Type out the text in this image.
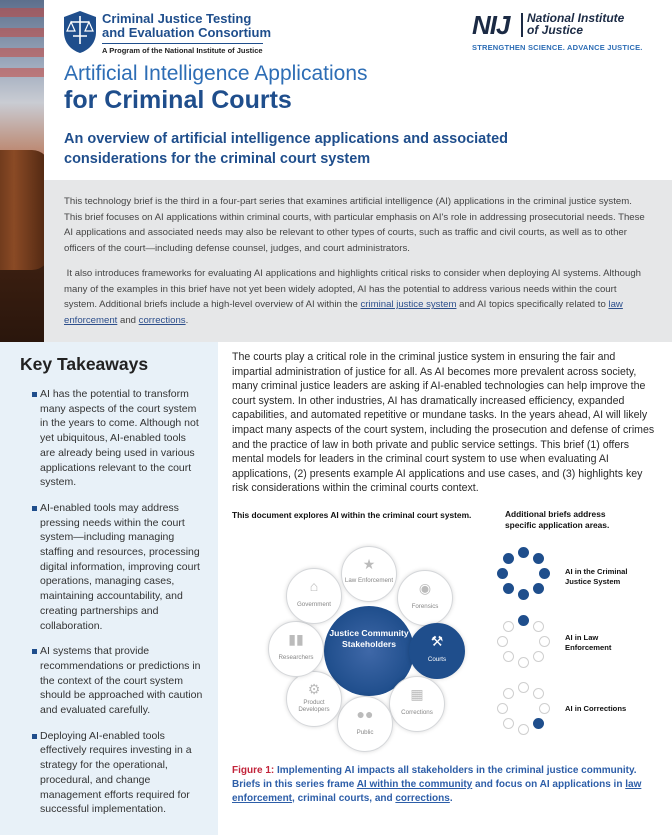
Criminal Justice Testing
and Evaluation Consortium
A Program of the National Institute of Justice
NIJ National Institute
of Justice
STRENGTHEN SCIENCE. ADVANCE JUSTICE.
Artificial Intelligence Applications
for Criminal Courts
An overview of artificial intelligence applications and associated considerations for the criminal court system

This technology brief is the third in a four-part series that examines artificial intelligence (AI) applications in the criminal justice system. This brief focuses on AI applications within criminal courts, with particular emphasis on AI's role in addressing prosecutorial needs. These AI applications and associated needs may also be relevant to other types of courts, such as traffic and civil courts, as well as to other officers of the court—including defense counsel, judges, and court administrators.

It also introduces frameworks for evaluating AI applications and highlights critical risks to consider when deploying AI systems. Although many of the examples in this brief have not yet been widely adopted, AI has the potential to address various needs within the court system. Additional briefs include a high-level overview of AI within the criminal justice system and AI topics specifically related to law enforcement and corrections.

Key Takeaways
AI has the potential to transform many aspects of the court system in the years to come. Although not yet ubiquitous, AI-enabled tools are already being used in various applications relevant to the court system.
AI-enabled tools may address pressing needs within the court system—including managing staffing and resources, processing digital information, improving court operations, managing cases, maintaining accountability, and creating partnerships and collaboration.
AI systems that provide recommendations or predictions in the context of the court system should be approached with caution and evaluated carefully.
Deploying AI-enabled tools effectively requires investing in a strategy for the operational, procedural, and change management efforts required for successful implementation.
The courts play a critical role in the criminal justice system in ensuring the fair and impartial administration of justice for all. As AI becomes more prevalent across society, many criminal justice leaders are asking if AI-enabled technologies can help improve the court system. In other industries, AI has dramatically increased efficiency, expanded capabilities, and automated repetitive or mundane tasks. In the years ahead, AI will likely impact many aspects of the court system, including the prosecution and defense of crimes and the practice of law in both private and public service settings. This brief (1) offers mental models for leaders in the criminal court system to use when evaluating AI applications, (2) presents example AI applications and use cases, and (3) highlights key risk considerations within the criminal courts context.
This document explores AI within the criminal court system.	Additional briefs address specific application areas.
Justice Community Stakeholders
★
Law Enforcement ◉
Forensics
⚒
Courts
▦
Corrections
●●
Public
⚙
Product Developers
▮▮
Researchers
⌂
Government
AI in the Criminal Justice System
AI in Law Enforcement
AI in Corrections
Figure 1: Implementing AI impacts all stakeholders in the criminal justice community. Briefs in this series frame AI within the community and focus on AI applications in law enforcement, criminal courts, and corrections.
